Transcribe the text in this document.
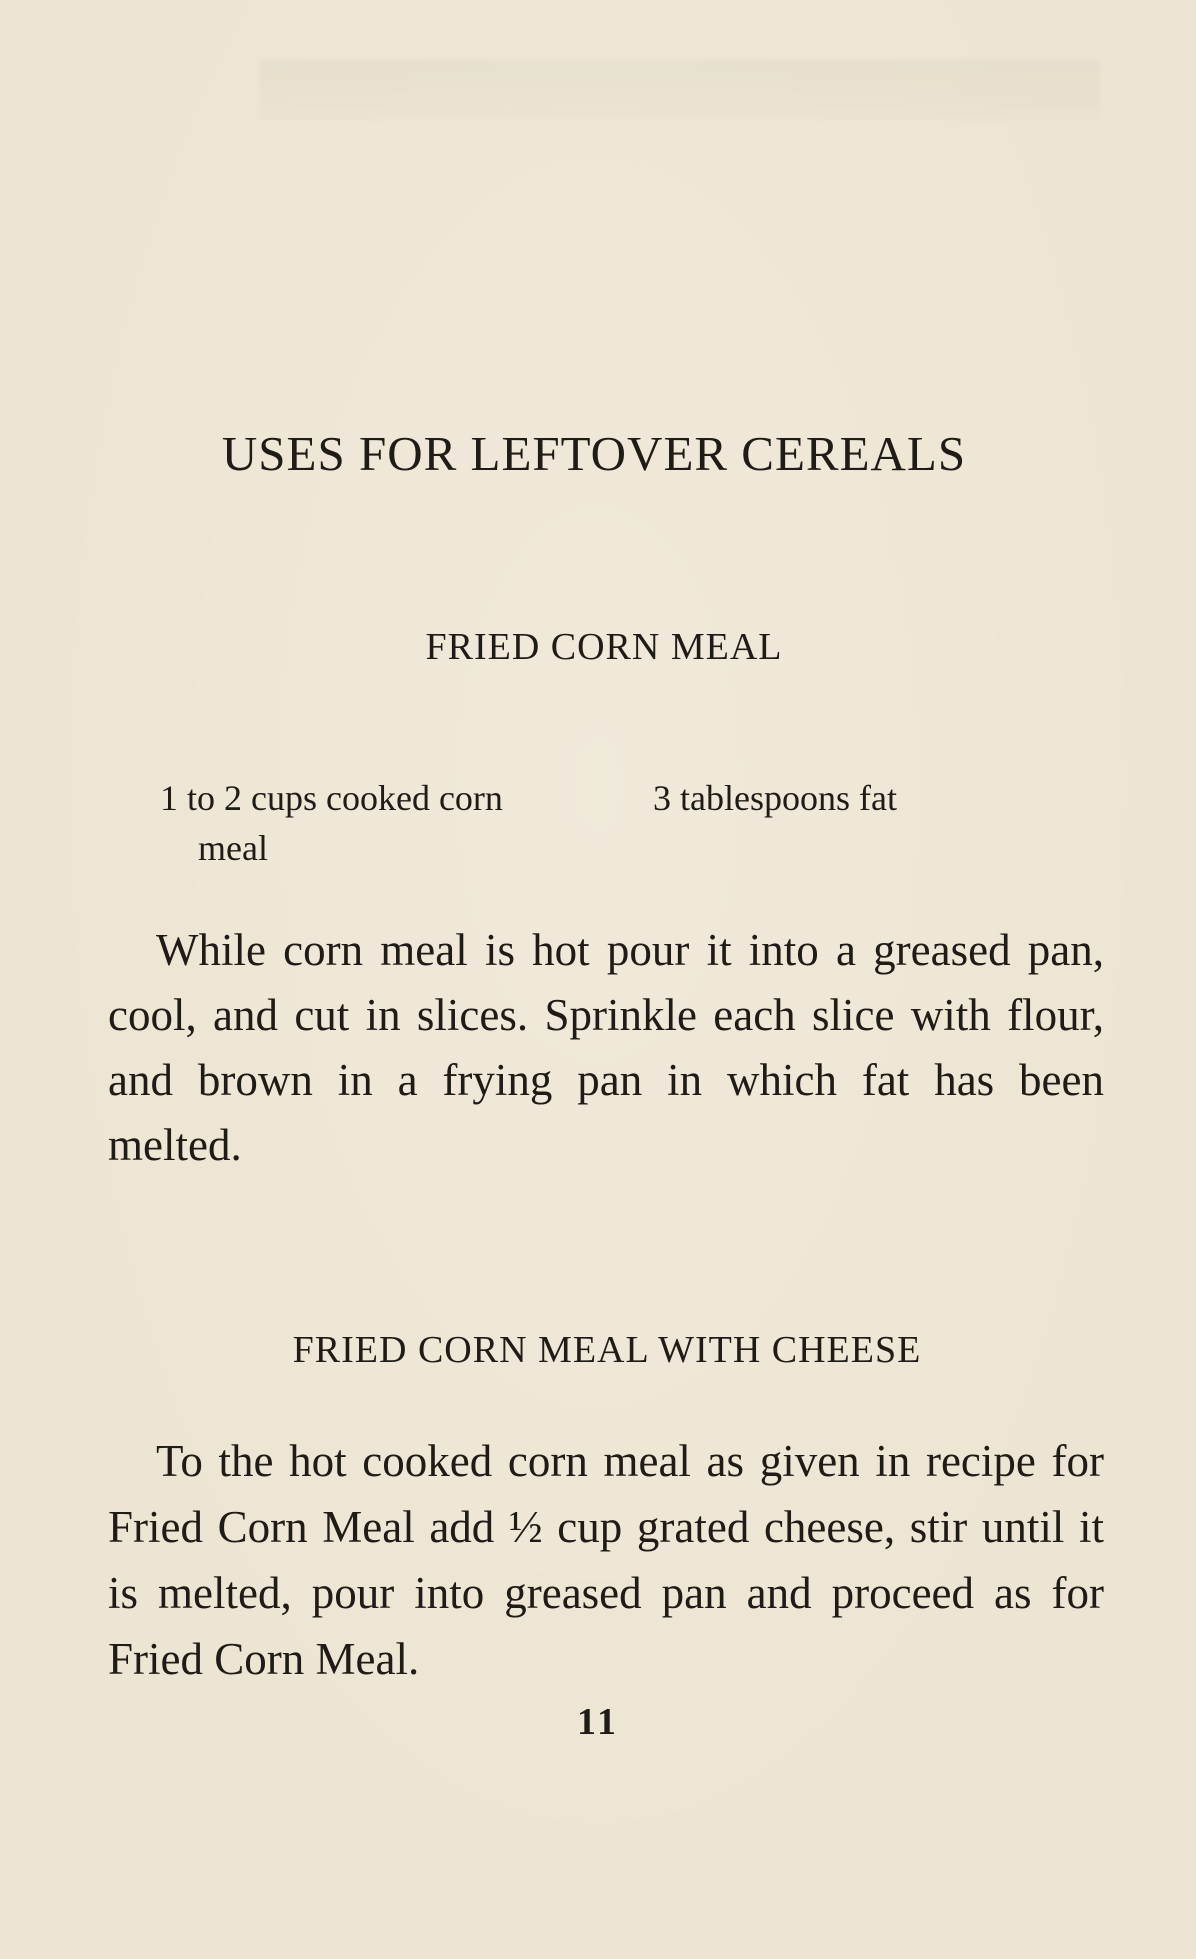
USES FOR LEFTOVER CEREALS
FRIED CORN MEAL
1 to 2 cups cooked corn
meal
3 tablespoons fat

While corn meal is hot pour it into a greased pan, cool, and cut in slices. Sprinkle each slice with flour, and brown in a frying pan in which fat has been melted.

FRIED CORN MEAL WITH CHEESE

To the hot cooked corn meal as given in recipe for Fried Corn Meal add ½ cup grated cheese, stir until it is melted, pour into greased pan and proceed as for Fried Corn Meal.

11
